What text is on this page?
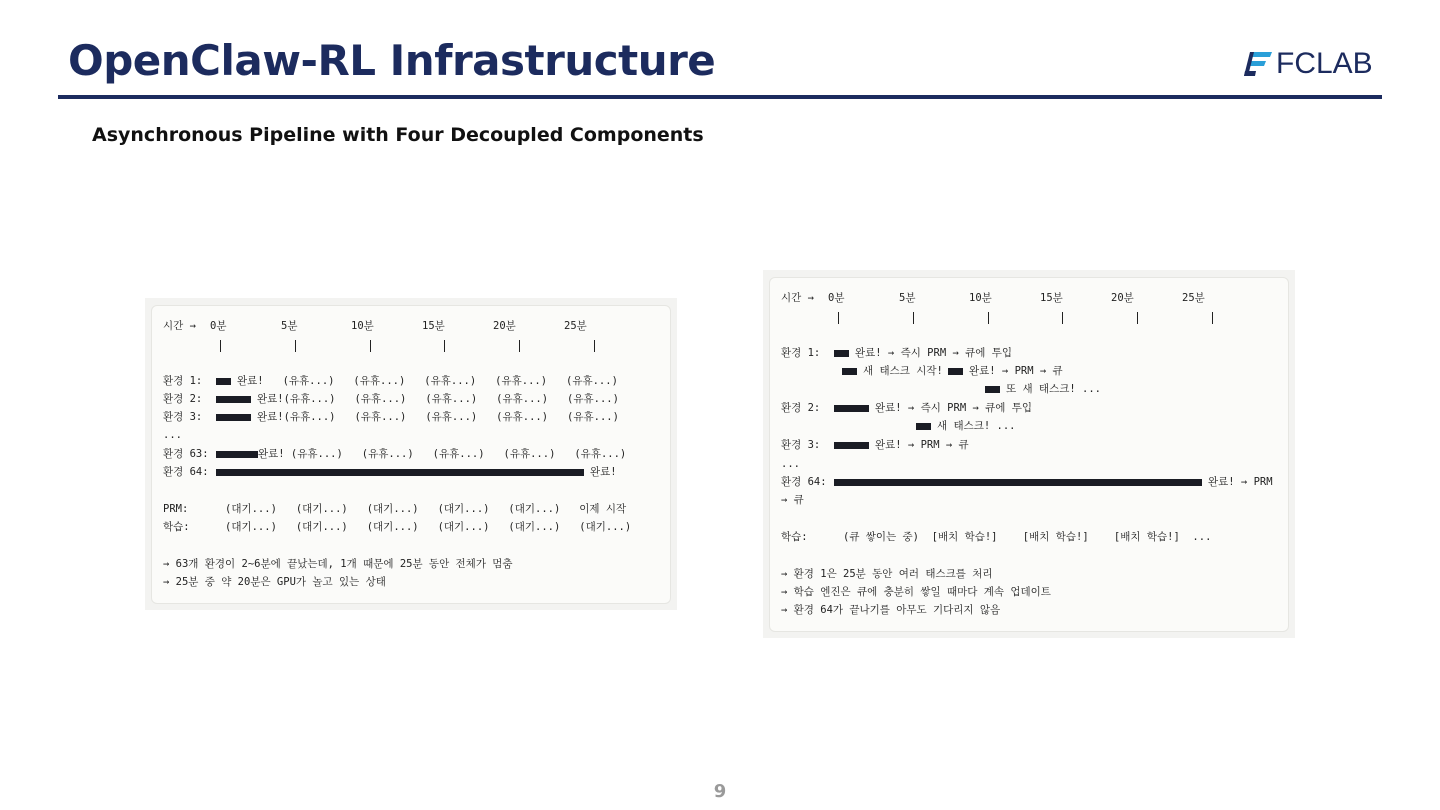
OpenClaw-RL Infrastructure	FCLAB
Asynchronous Pipeline with Four Decoupled Components
시간 → 0분	5분	10분	15분	20분	25분
환경 1:	완료!   (유휴...)   (유휴...)   (유휴...)   (유휴...)   (유휴...)
환경 2:	완료!(유휴...)   (유휴...)   (유휴...)   (유휴...)   (유휴...)
환경 3:	완료!(유휴...)   (유휴...)   (유휴...)   (유휴...)   (유휴...)
...
환경 63:	완료! (유휴...)   (유휴...)   (유휴...)   (유휴...)   (유휴...)
환경 64:	완료!
PRM:	(대기...)   (대기...)   (대기...)   (대기...)   (대기...)   이제 시작
학습:	(대기...)   (대기...)   (대기...)   (대기...)   (대기...)   (대기...)
→ 63개 환경이 2~6분에 끝났는데, 1개 때문에 25분 동안 전체가 멈춤
→ 25분 중 약 20분은 GPU가 놀고 있는 상태
시간 → 0분	5분	10분	15분	20분	25분
환경 1:	완료! → 즉시 PRM → 큐에 투입
새 태스크 시작! 완료! → PRM → 큐
또 새 태스크! ...
환경 2:	완료! → 즉시 PRM → 큐에 투입
새 태스크! ...
환경 3:	완료! → PRM → 큐
...
환경 64:	완료! → PRM
→ 큐
학습:	(큐 쌓이는 중)  [배치 학습!]    [배치 학습!]    [배치 학습!]  ...
→ 환경 1은 25분 동안 여러 태스크를 처리
→ 학습 엔진은 큐에 충분히 쌓일 때마다 계속 업데이트
→ 환경 64가 끝나기를 아무도 기다리지 않음
9
